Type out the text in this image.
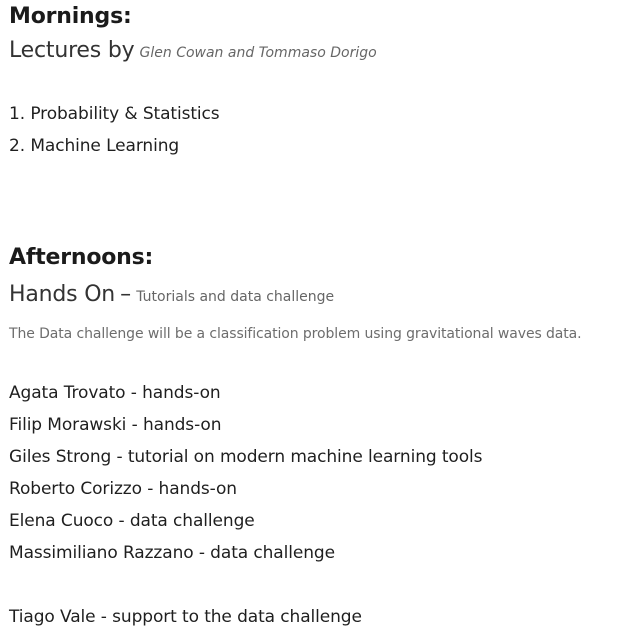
Mornings:
Lectures by Glen Cowan and Tommaso Dorigo
1. Probability & Statistics
2. Machine Learning
Afternoons:
Hands On – Tutorials and data challenge
The Data challenge will be a classification problem using gravitational waves data.
Agata Trovato - hands-on
Filip Morawski - hands-on
Giles Strong - tutorial on modern machine learning tools
Roberto Corizzo - hands-on
Elena Cuoco - data challenge
Massimiliano Razzano - data challenge
Tiago Vale - support to the data challenge
